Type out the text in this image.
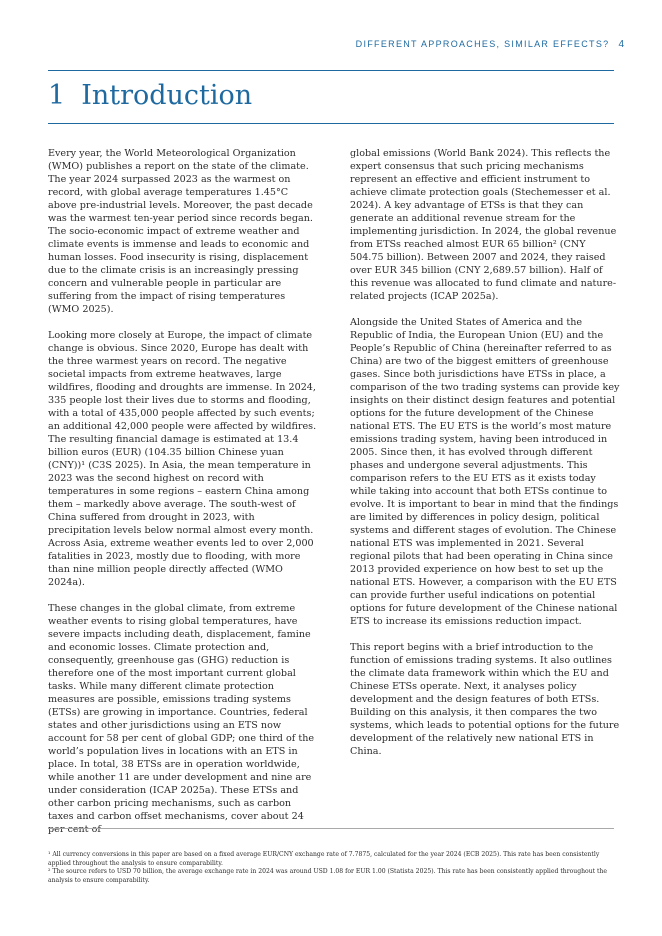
DIFFERENT APPROACHES, SIMILAR EFFECTS? 4
1 Introduction

Every year, the World Meteorological Organization (WMO) publishes a report on the state of the climate. The year 2024 surpassed 2023 as the warmest on record, with global average temperatures 1.45°C above pre-industrial levels. Moreover, the past decade was the warmest ten-year period since records began. The socio-economic impact of extreme weather and climate events is immense and leads to economic and human losses. Food insecurity is rising, displacement due to the climate crisis is an increasingly pressing concern and vulnerable people in particular are suffering from the impact of rising temperatures (WMO 2025).

Looking more closely at Europe, the impact of climate change is obvious. Since 2020, Europe has dealt with the three warmest years on record. The negative societal impacts from extreme heatwaves, large wildfires, flooding and droughts are immense. In 2024, 335 people lost their lives due to storms and flooding, with a total of 435,000 people affected by such events; an additional 42,000 people were affected by wildfires. The resulting financial damage is estimated at 13.4 billion euros (EUR) (104.35 billion Chinese yuan (CNY))¹ (C3S 2025). In Asia, the mean temperature in 2023 was the second highest on record with temperatures in some regions – eastern China among them – markedly above average. The south-west of China suffered from drought in 2023, with precipitation levels below normal almost every month. Across Asia, extreme weather events led to over 2,000 fatalities in 2023, mostly due to flooding, with more than nine million people directly affected (WMO 2024a).

These changes in the global climate, from extreme weather events to rising global temperatures, have severe impacts including death, displacement, famine and economic losses. Climate protection and, consequently, greenhouse gas (GHG) reduction is therefore one of the most important current global tasks. While many different climate protection measures are possible, emissions trading systems (ETSs) are growing in importance. Countries, federal states and other jurisdictions using an ETS now account for 58 per cent of global GDP; one third of the world’s population lives in locations with an ETS in place. In total, 38 ETSs are in operation worldwide, while another 11 are under development and nine are under consideration (ICAP 2025a). These ETSs and other carbon pricing mechanisms, such as carbon taxes and carbon offset mechanisms, cover about 24 per cent of

global emissions (World Bank 2024). This reflects the expert consensus that such pricing mechanisms represent an effective and efficient instrument to achieve climate protection goals (Stechemesser et al. 2024). A key advantage of ETSs is that they can generate an additional revenue stream for the implementing jurisdiction. In 2024, the global revenue from ETSs reached almost EUR 65 billion² (CNY 504.75 billion). Between 2007 and 2024, they raised over EUR 345 billion (CNY 2,689.57 billion). Half of this revenue was allocated to fund climate and nature-related projects (ICAP 2025a).

Alongside the United States of America and the Republic of India, the European Union (EU) and the People’s Republic of China (hereinafter referred to as China) are two of the biggest emitters of greenhouse gases. Since both jurisdictions have ETSs in place, a comparison of the two trading systems can provide key insights on their distinct design features and potential options for the future development of the Chinese national ETS. The EU ETS is the world’s most mature emissions trading system, having been introduced in 2005. Since then, it has evolved through different phases and undergone several adjustments. This comparison refers to the EU ETS as it exists today while taking into account that both ETSs continue to evolve. It is important to bear in mind that the findings are limited by differences in policy design, political systems and different stages of evolution. The Chinese national ETS was implemented in 2021. Several regional pilots that had been operating in China since 2013 provided experience on how best to set up the national ETS. However, a comparison with the EU ETS can provide further useful indications on potential options for future development of the Chinese national ETS to increase its emissions reduction impact.

This report begins with a brief introduction to the function of emissions trading systems. It also outlines the climate data framework within which the EU and Chinese ETSs operate. Next, it analyses policy development and the design features of both ETSs. Building on this analysis, it then compares the two systems, which leads to potential options for the future development of the relatively new national ETS in China.

¹ All currency conversions in this paper are based on a fixed average EUR/CNY exchange rate of 7.7875, calculated for the year 2024 (ECB 2025). This rate has been consistently applied throughout the analysis to ensure comparability.

² The source refers to USD 70 billion, the average exchange rate in 2024 was around USD 1.08 for EUR 1.00 (Statista 2025). This rate has been consistently applied throughout the analysis to ensure comparability.
